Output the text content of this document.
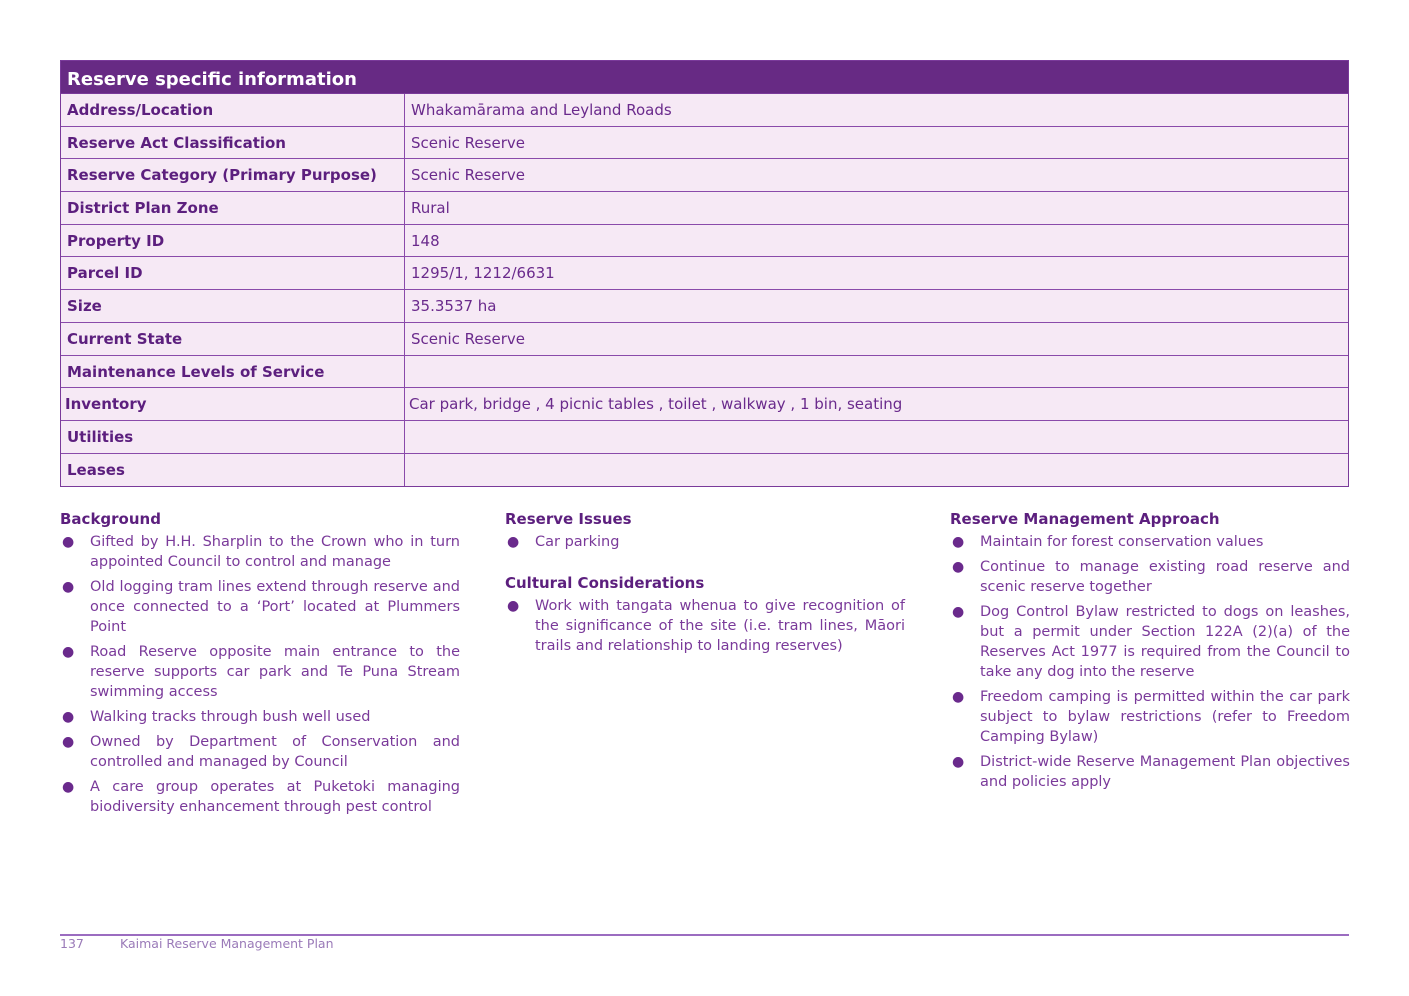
Reserve specific information
Address/Location	Whakamārama and Leyland Roads
Reserve Act Classification	Scenic Reserve
Reserve Category (Primary Purpose)	Scenic Reserve
District Plan Zone	Rural
Property ID	148
Parcel ID	1295/1, 1212/6631
Size	35.3537 ha
Current State	Scenic Reserve
Maintenance Levels of Service
Inventory	Car park, bridge , 4 picnic tables , toilet , walkway , 1 bin, seating
Utilities
Leases
Background
● Gifted by H.H. Sharplin to the Crown who in turn appointed Council to control and manage
● Old logging tram lines extend through reserve and once connected to a ‘Port’ located at Plummers Point
● Road Reserve opposite main entrance to the reserve supports car park and Te Puna Stream swimming access
● Walking tracks through bush well used
● Owned by Department of Conservation and controlled and managed by Council
● A care group operates at Puketoki managing biodiversity enhancement through pest control
Reserve Issues
● Car parking
Cultural Considerations
● Work with tangata whenua to give recognition of the significance of the site (i.e. tram lines, Māori trails and relationship to landing reserves)
Reserve Management Approach
● Maintain for forest conservation values
● Continue to manage existing road reserve and scenic reserve together
● Dog Control Bylaw restricted to dogs on leashes, but a permit under Section 122A (2)(a) of the Reserves Act 1977 is required from the Council to take any dog into the reserve
● Freedom camping is permitted within the car park subject to bylaw restrictions (refer to Freedom Camping Bylaw)
● District-wide Reserve Management Plan objectives and policies apply
137	Kaimai Reserve Management Plan
